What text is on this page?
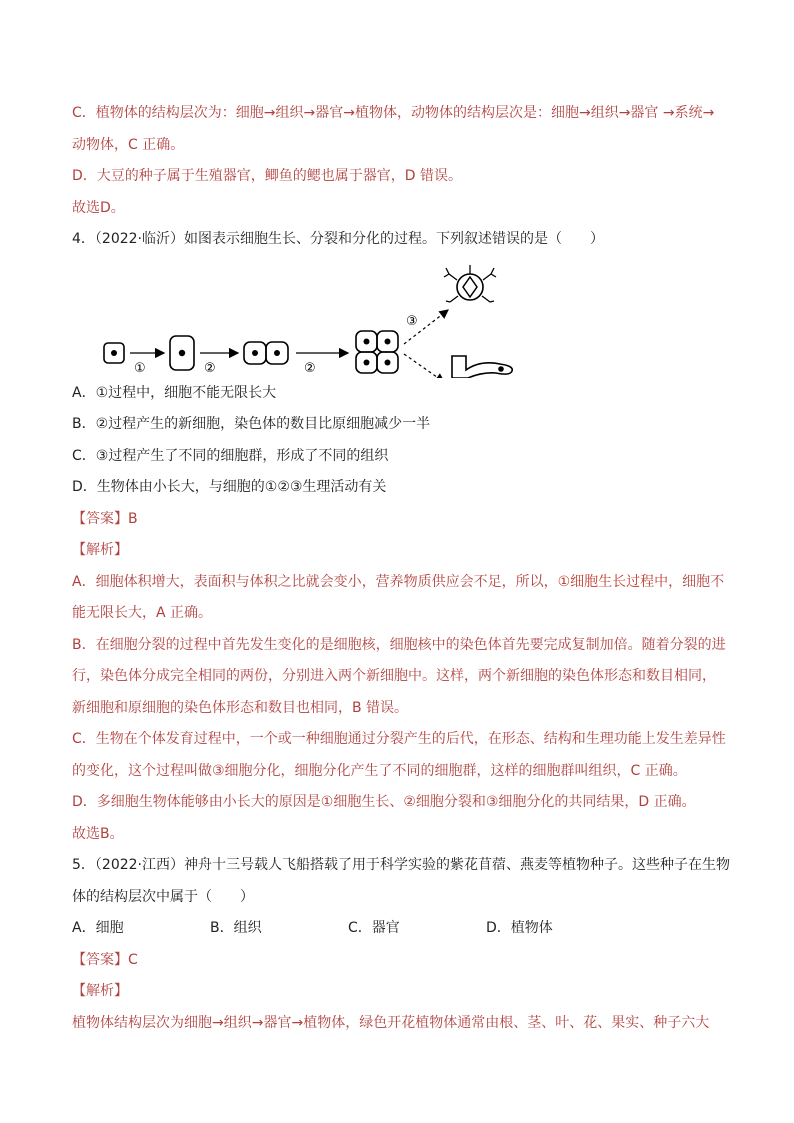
C．植物体的结构层次为：细胞→组织→器官→植物体，动物体的结构层次是：细胞→组织→器官 →系统→
动物体，C 正确。
D．大豆的种子属于生殖器官，鲫鱼的鳃也属于器官，D 错误。
故选D。
4．（2022·临沂）如图表示细胞生长、分裂和分化的过程。下列叙述错误的是（　　）
①	②	②
③
A．①过程中，细胞不能无限长大
B．②过程产生的新细胞，染色体的数目比原细胞减少一半
C．③过程产生了不同的细胞群，形成了不同的组织
D．生物体由小长大，与细胞的①②③生理活动有关
【答案】B
【解析】
A．细胞体积增大，表面积与体积之比就会变小，营养物质供应会不足，所以，①细胞生长过程中，细胞不
能无限长大，A 正确。
B．在细胞分裂的过程中首先发生变化的是细胞核，细胞核中的染色体首先要完成复制加倍。随着分裂的进
行，染色体分成完全相同的两份，分别进入两个新细胞中。这样，两个新细胞的染色体形态和数目相同，
新细胞和原细胞的染色体形态和数目也相同，B 错误。
C．生物在个体发育过程中，一个或一种细胞通过分裂产生的后代，在形态、结构和生理功能上发生差异性
的变化，这个过程叫做③细胞分化，细胞分化产生了不同的细胞群，这样的细胞群叫组织，C 正确。
D．多细胞生物体能够由小长大的原因是①细胞生长、②细胞分裂和③细胞分化的共同结果，D 正确。
故选B。
5．（2022·江西）神舟十三号载人飞船搭载了用于科学实验的紫花苜蓿、燕麦等植物种子。这些种子在生物
体的结构层次中属于（　　）
A．细胞	B．组织	C．器官	D．植物体
【答案】C
【解析】
植物体结构层次为细胞→组织→器官→植物体，绿色开花植物体通常由根、茎、叶、花、果实、种子六大
